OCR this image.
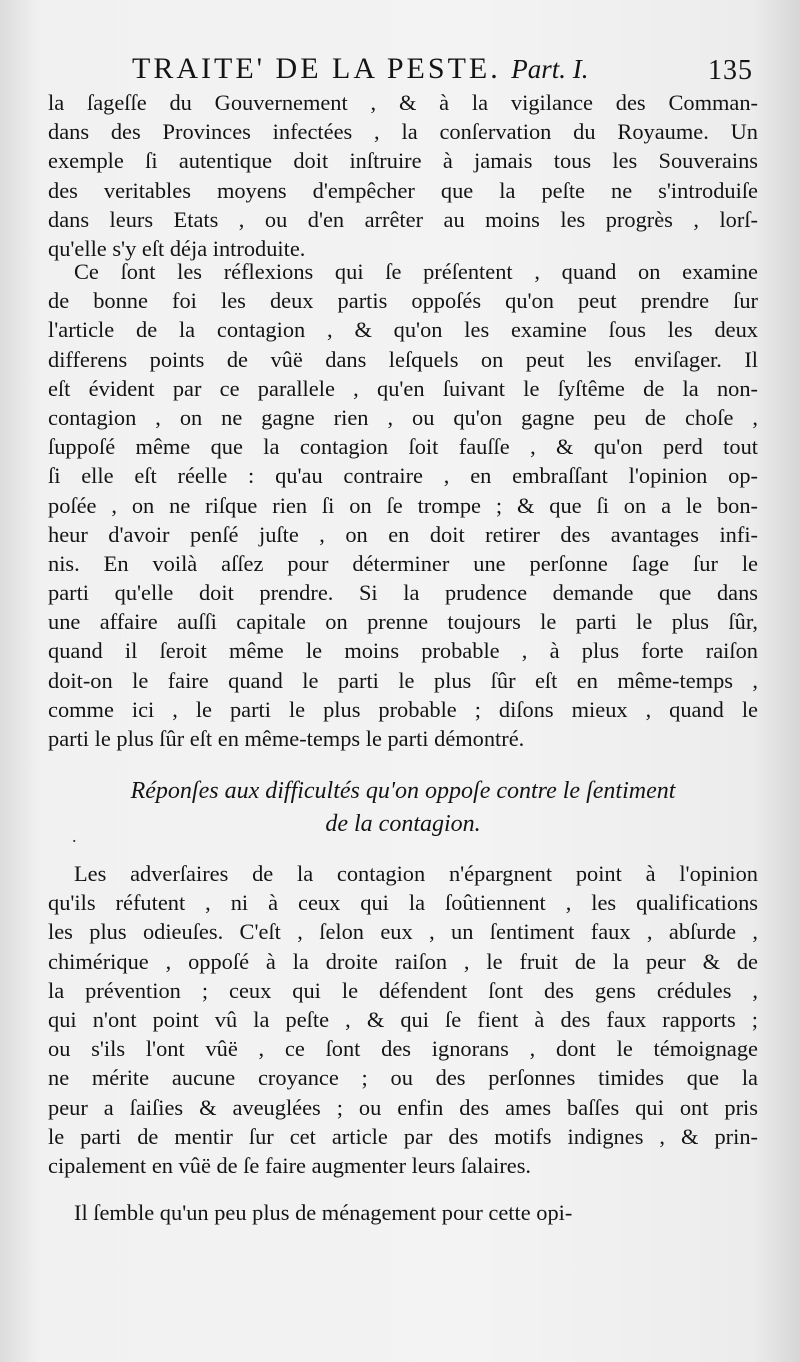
TRAITE' DE LA PESTE. Part. I.	135
la ſageſſe du Gouvernement , & à la vigilance des Comman-
dans des Provinces infectées , la conſervation du Royaume. Un
exemple ſi autentique doit inſtruire à jamais tous les Souverains
des veritables moyens d'empêcher que la peſte ne s'introduiſe
dans leurs Etats , ou d'en arrêter au moins les progrès , lorſ-
qu'elle s'y eſt déja introduite.
Ce ſont les réflexions qui ſe préſentent , quand on examine
de bonne foi les deux partis oppoſés qu'on peut prendre ſur
l'article de la contagion , & qu'on les examine ſous les deux
differens points de vûë dans leſquels on peut les enviſager. Il
eſt évident par ce parallele , qu'en ſuivant le ſyſtême de la non-
contagion , on ne gagne rien , ou qu'on gagne peu de choſe ,
ſuppoſé même que la contagion ſoit fauſſe , & qu'on perd tout
ſi elle eſt réelle : qu'au contraire , en embraſſant l'opinion op-
poſée , on ne riſque rien ſi on ſe trompe ; & que ſi on a le bon-
heur d'avoir penſé juſte , on en doit retirer des avantages infi-
nis. En voilà aſſez pour déterminer une perſonne ſage ſur le
parti qu'elle doit prendre. Si la prudence demande que dans
une affaire auſſi capitale on prenne toujours le parti le plus ſûr,
quand il ſeroit même le moins probable , à plus forte raiſon
doit-on le faire quand le parti le plus ſûr eſt en même-temps ,
comme ici , le parti le plus probable ; diſons mieux , quand le
parti le plus ſûr eſt en même-temps le parti démontré.
Réponſes aux difficultés qu'on oppoſe contre le ſentiment
de la contagion.
.
Les adverſaires de la contagion n'épargnent point à l'opinion
qu'ils réfutent , ni à ceux qui la ſoûtiennent , les qualifications
les plus odieuſes. C'eſt , ſelon eux , un ſentiment faux , abſurde ,
chimérique , oppoſé à la droite raiſon , le fruit de la peur & de
la prévention ; ceux qui le défendent ſont des gens crédules ,
qui n'ont point vû la peſte , & qui ſe fient à des faux rapports ;
ou s'ils l'ont vûë , ce ſont des ignorans , dont le témoignage
ne mérite aucune croyance ; ou des perſonnes timides que la
peur a ſaiſies & aveuglées ; ou enfin des ames baſſes qui ont pris
le parti de mentir ſur cet article par des motifs indignes , & prin-
cipalement en vûë de ſe faire augmenter leurs ſalaires.
Il ſemble qu'un peu plus de ménagement pour cette opi-
